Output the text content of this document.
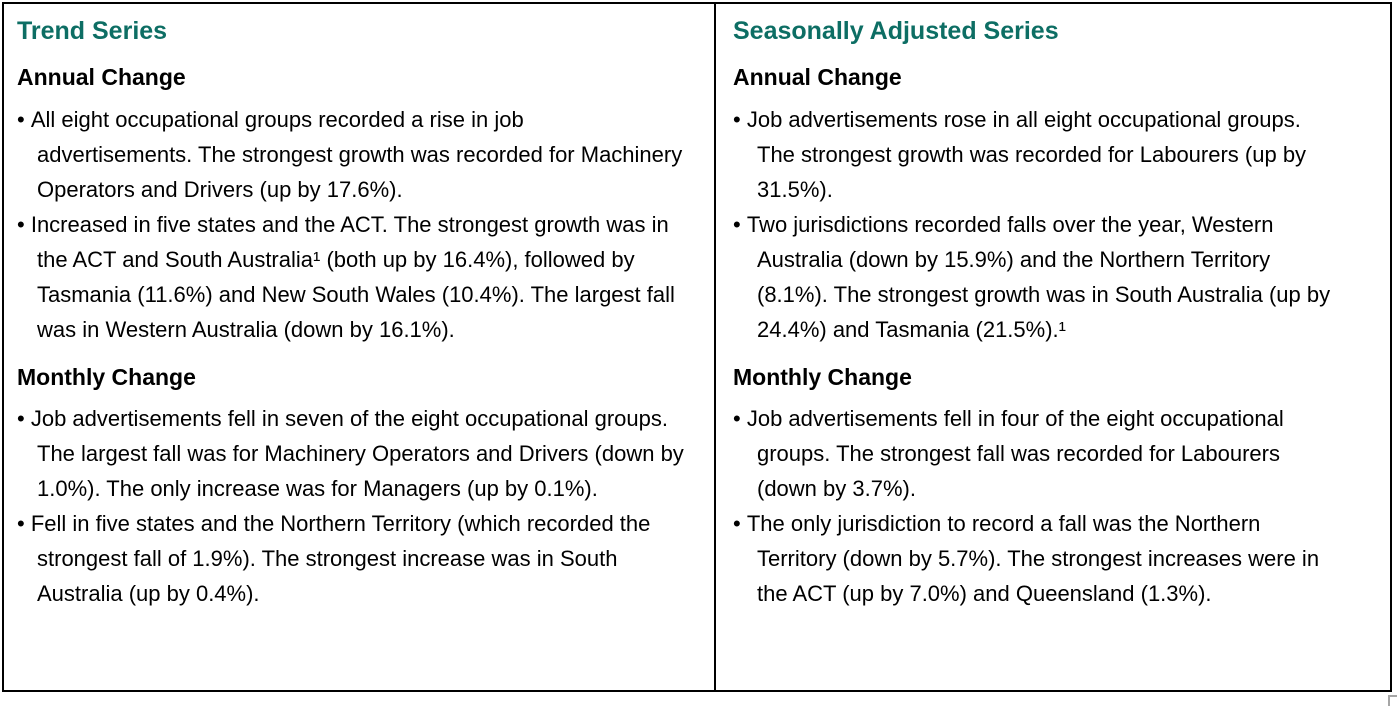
Trend Series
Annual Change
• All eight occupational groups recorded a rise in job advertisements. The strongest growth was recorded for Machinery Operators and Drivers (up by 17.6%).
• Increased in five states and the ACT. The strongest growth was in the ACT and South Australia¹ (both up by 16.4%), followed by Tasmania (11.6%) and New South Wales (10.4%). The largest fall was in Western Australia (down by 16.1%).
Monthly Change
• Job advertisements fell in seven of the eight occupational groups. The largest fall was for Machinery Operators and Drivers (down by 1.0%). The only increase was for Managers (up by 0.1%).
• Fell in five states and the Northern Territory (which recorded the strongest fall of 1.9%). The strongest increase was in South Australia (up by 0.4%).
Seasonally Adjusted Series
Annual Change
• Job advertisements rose in all eight occupational groups. The strongest growth was recorded for Labourers (up by 31.5%).
• Two jurisdictions recorded falls over the year, Western Australia (down by 15.9%) and the Northern Territory (8.1%). The strongest growth was in South Australia (up by 24.4%) and Tasmania (21.5%).¹
Monthly Change
• Job advertisements fell in four of the eight occupational groups. The strongest fall was recorded for Labourers (down by 3.7%).
• The only jurisdiction to record a fall was the Northern Territory (down by 5.7%). The strongest increases were in the ACT (up by 7.0%) and Queensland (1.3%).
